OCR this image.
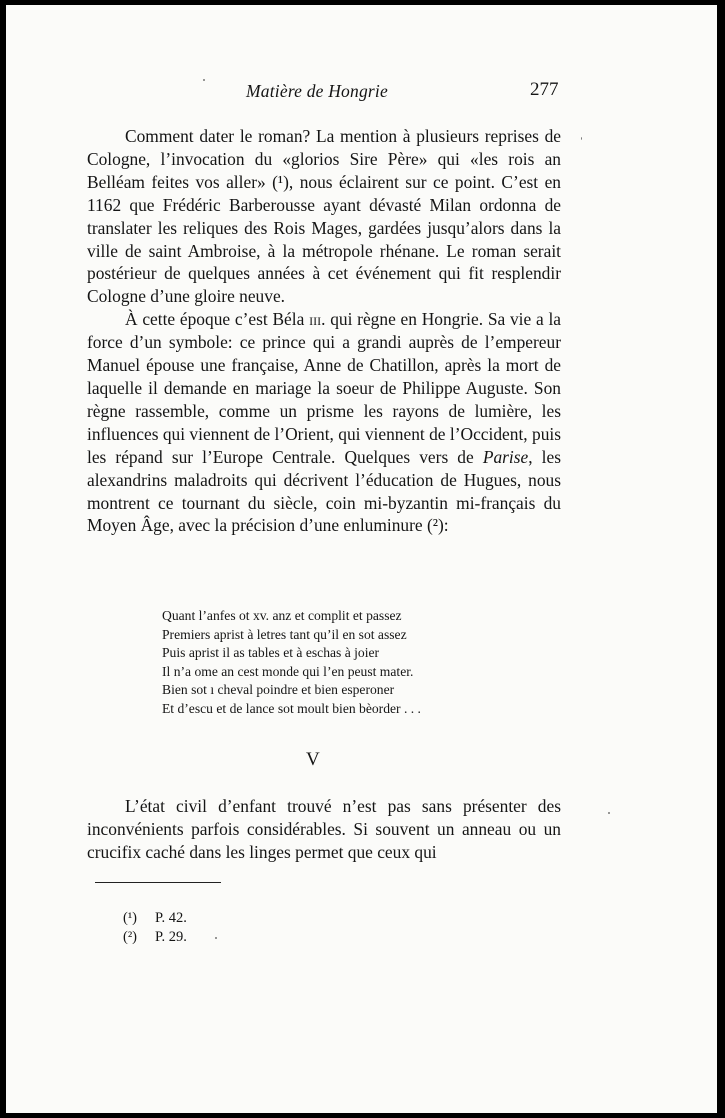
Matière de Hongrie	277

Comment dater le roman? La mention à plusieurs reprises de Cologne, l’invocation du «glorios Sire Père» qui «les rois an Belléam feites vos aller» (¹), nous éclairent sur ce point. C’est en 1162 que Frédéric Barberousse ayant dévasté Milan ordonna de translater les reliques des Rois Mages, gardées jusqu’alors dans la ville de saint Ambroise, à la métropole rhénane. Le roman serait postérieur de quelques années à cet événement qui fit resplendir Cologne d’une gloire neuve.

À cette époque c’est Béla iii. qui règne en Hongrie. Sa vie a la force d’un symbole: ce prince qui a grandi auprès de l’empereur Manuel épouse une française, Anne de Chatillon, après la mort de laquelle il demande en mariage la soeur de Philippe Auguste. Son règne rassemble, comme un prisme les rayons de lumière, les influences qui viennent de l’Orient, qui viennent de l’Occident, puis les répand sur l’Europe Centrale. Quelques vers de Parise, les alexandrins maladroits qui décrivent l’éducation de Hugues, nous montrent ce tournant du siècle, coin mi-byzantin mi-français du Moyen Âge, avec la précision d’une enluminure (²):

Quant l’anfes ot xv. anz et complit et passez
Premiers aprist à letres tant qu’il en sot assez
Puis aprist il as tables et à eschas à joier
Il n’a ome an cest monde qui l’en peust mater.
Bien sot ı cheval poindre et bien esperoner
Et d’escu et de lance sot moult bien bèorder . . .
V

L’état civil d’enfant trouvé n’est pas sans présenter des inconvénients parfois considérables. Si souvent un anneau ou un crucifix caché dans les linges permet que ceux qui

(¹)	P. 42.
(²)	P. 29.
